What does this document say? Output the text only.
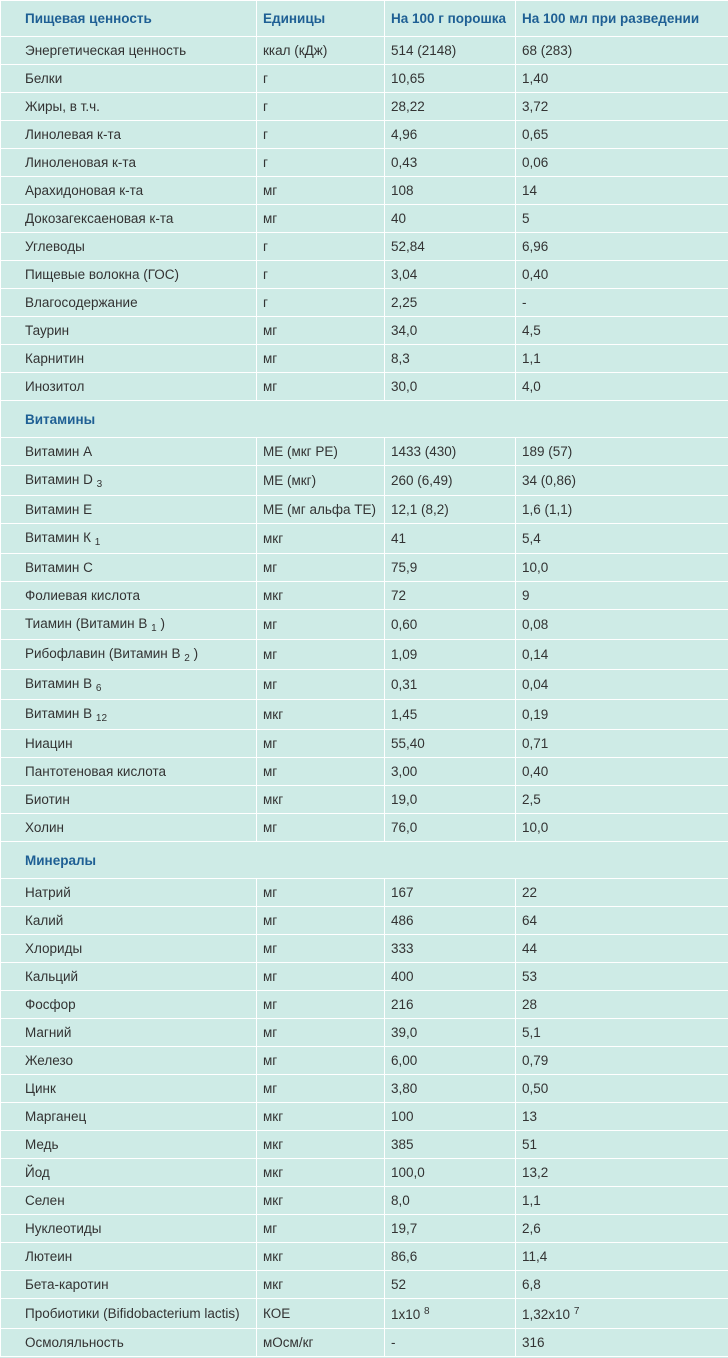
Пищевая ценность	Единицы	На 100 г порошка	На 100 мл при разведении
Энергетическая ценность	ккал (кДж)	514 (2148)	68 (283)
Белки	г	10,65	1,40
Жиры, в т.ч.	г	28,22	3,72
Линолевая к-та	г	4,96	0,65
Линоленовая к-та	г	0,43	0,06
Арахидоновая к-та	мг	108	14
Докозагексаеновая к-та	мг	40	5
Углеводы	г	52,84	6,96
Пищевые волокна (ГОС)	г	3,04	0,40
Влагосодержание	г	2,25	-
Таурин	мг	34,0	4,5
Карнитин	мг	8,3	1,1
Инозитол	мг	30,0	4,0
Витамины			
Витамин А	МЕ (мкг РЕ)	1433 (430)	189 (57)
Витамин D $_3$	МЕ (мкг)	260 (6,49)	34 (0,86)
Витамин Е	МЕ (мг альфа ТЕ)	12,1 (8,2)	1,6 (1,1)
Витамин К $_1$	мкг	41	5,4
Витамин С	мг	75,9	10,0
Фолиевая кислота	мкг	72	9
Тиамин (Витамин В $_1$ )	мг	0,60	0,08
Рибофлавин (Витамин В $_2$ )	мг	1,09	0,14
Витамин В $_6$	мг	0,31	0,04
Витамин В $_{12}$	мкг	1,45	0,19
Ниацин	мг	55,40	0,71
Пантотеновая кислота	мг	3,00	0,40
Биотин	мкг	19,0	2,5
Холин	мг	76,0	10,0
Минералы			
Натрий	мг	167	22
Калий	мг	486	64
Хлориды	мг	333	44
Кальций	мг	400	53
Фосфор	мг	216	28
Магний	мг	39,0	5,1
Железо	мг	6,00	0,79
Цинк	мг	3,80	0,50
Марганец	мкг	100	13
Медь	мкг	385	51
Йод	мкг	100,0	13,2
Селен	мкг	8,0	1,1
Нуклеотиды	мг	19,7	2,6
Лютеин	мкг	86,6	11,4
Бета-каротин	мкг	52	6,8
Пробиотики (Bifidobacterium lactis)	КОЕ	1x10 $^8$	1,32x10 $^7$
Осмоляльность	мОсм/кг	-	316
